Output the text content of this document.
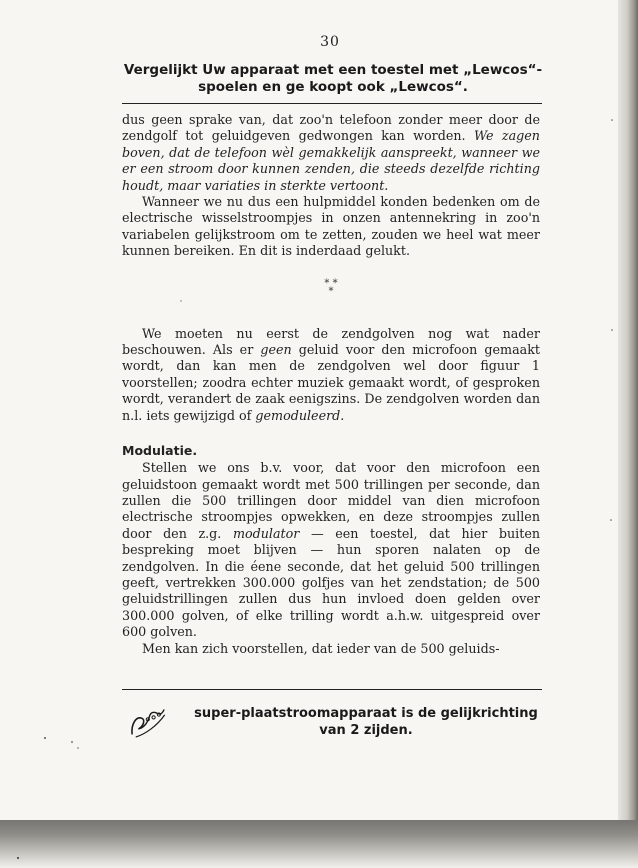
30
Vergelijkt Uw apparaat met een toestel met „Lewcos“-
spoelen en ge koopt ook „Lewcos“.

dus geen sprake van, dat zoo'n telefoon zonder meer door de zendgolf tot geluidgeven gedwongen kan worden. We zagen boven, dat de telefoon wèl gemakkelijk aanspreekt, wanneer we er een stroom door kunnen zenden, die steeds dezelfde richting houdt, maar variaties in sterkte vertoont.

Wanneer we nu dus een hulpmiddel konden bedenken om de electrische wisselstroompjes in onzen antennekring in zoo'n variabelen gelijkstroom om te zetten, zouden we heel wat meer kunnen bereiken. En dit is inderdaad gelukt.

* *
*

We moeten nu eerst de zendgolven nog wat nader beschouwen. Als er geen geluid voor den microfoon gemaakt wordt, dan kan men de zendgolven wel door figuur 1 voorstellen; zoodra echter muziek gemaakt wordt, of gesproken wordt, verandert de zaak eenigszins. De zendgolven worden dan n.l. iets gewijzigd of gemoduleerd.

Modulatie.

Stellen we ons b.v. voor, dat voor den microfoon een geluidstoon gemaakt wordt met 500 trillingen per seconde, dan zullen die 500 trillingen door middel van dien microfoon electrische stroompjes opwekken, en deze stroompjes zullen door den z.g. modulator — een toestel, dat hier buiten bespreking moet blijven — hun sporen nalaten op de zendgolven. In die éene seconde, dat het geluid 500 trillingen geeft, vertrekken 300.000 golfjes van het zendstation; de 500 geluidstrillingen zullen dus hun invloed doen gelden over 300.000 golven, of elke trilling wordt a.h.w. uitgespreid over 600 golven.

Men kan zich voorstellen, dat ieder van de 500 geluids-

super-plaatstroomapparaat is de gelijkrichting
van 2 zijden.
